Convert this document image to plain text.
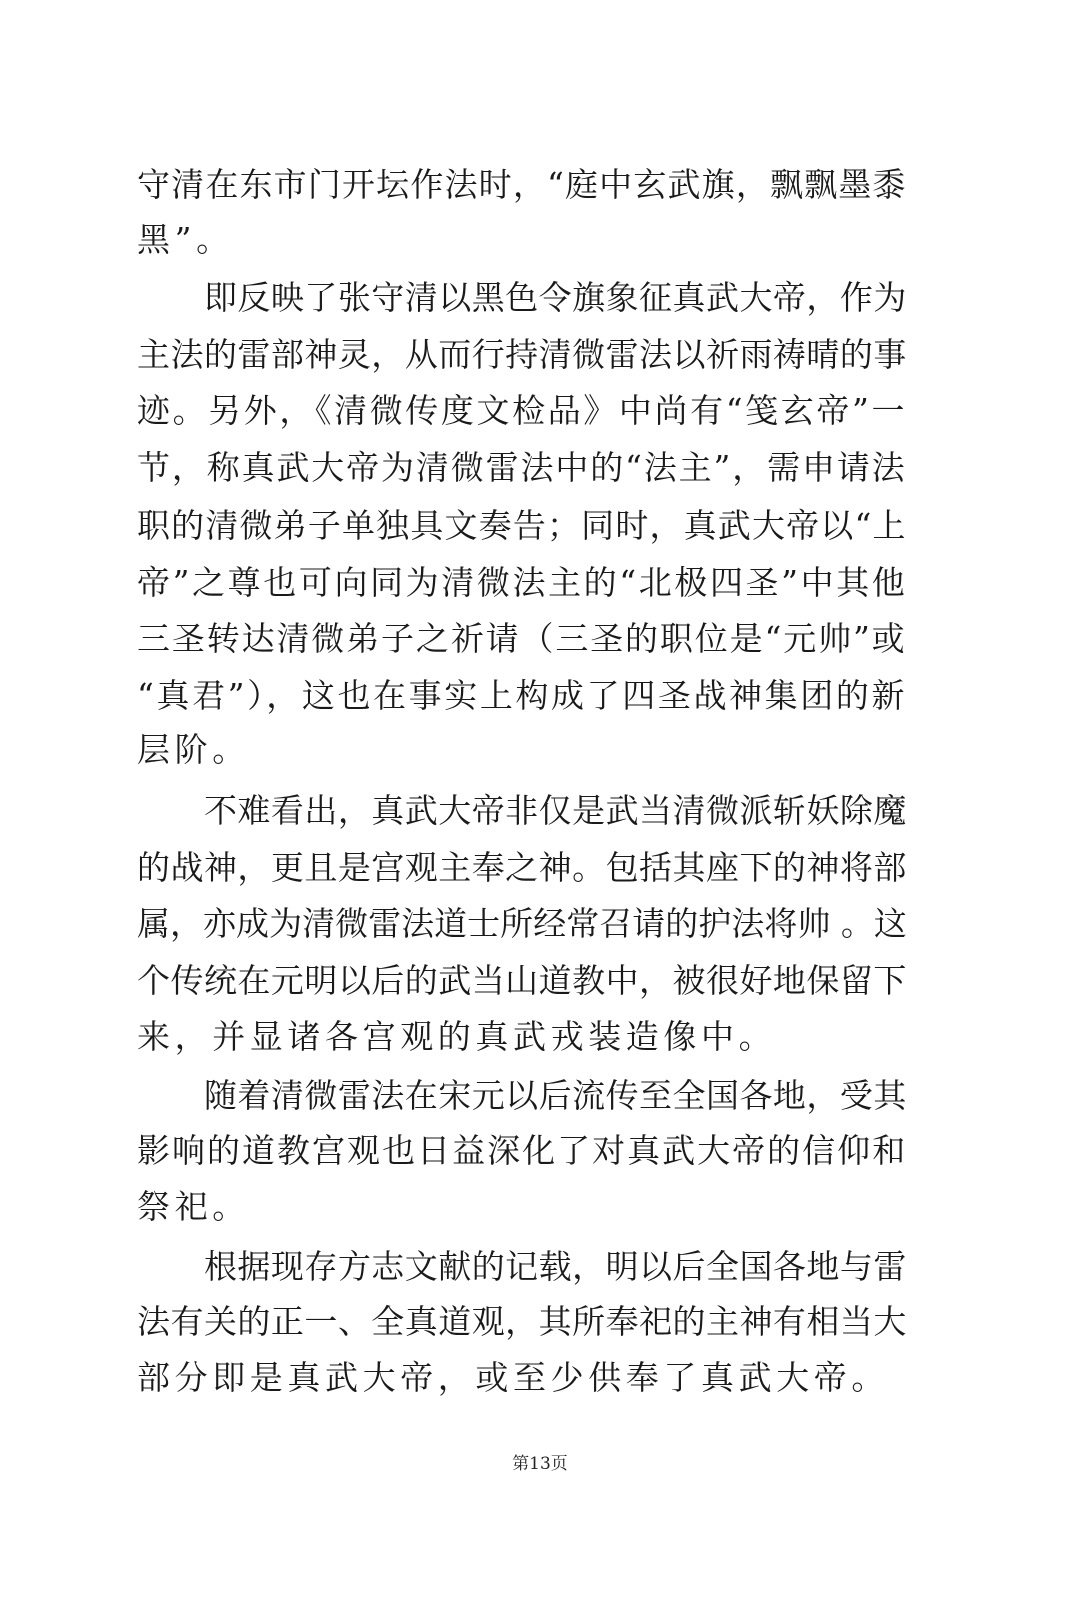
守清在东市门开坛作法时，“庭中玄武旗，飘飘墨黍
黑”。
　　即反映了张守清以黑色令旗象征真武大帝，作为
主法的雷部神灵，从而行持清微雷法以祈雨祷晴的事
迹。另外，《清微传度文检品》中尚有“笺玄帝”一
节，称真武大帝为清微雷法中的“法主”，需申请法
职的清微弟子单独具文奏告；同时，真武大帝以“上
帝”之尊也可向同为清微法主的“北极四圣”中其他
三圣转达清微弟子之祈请（三圣的职位是“元帅”或
“真君”），这也在事实上构成了四圣战神集团的新
层阶。
　　不难看出，真武大帝非仅是武当清微派斩妖除魔
的战神，更且是宫观主奉之神。包括其座下的神将部
属，亦成为清微雷法道士所经常召请的护法将帅 。这
个传统在元明以后的武当山道教中，被很好地保留下
来，并显诸各宫观的真武戎装造像中。
　　随着清微雷法在宋元以后流传至全国各地，受其
影响的道教宫观也日益深化了对真武大帝的信仰和
祭祀。
　　根据现存方志文献的记载，明以后全国各地与雷
法有关的正一、全真道观，其所奉祀的主神有相当大
部分即是真武大帝，或至少供奉了真武大帝。
第13页
